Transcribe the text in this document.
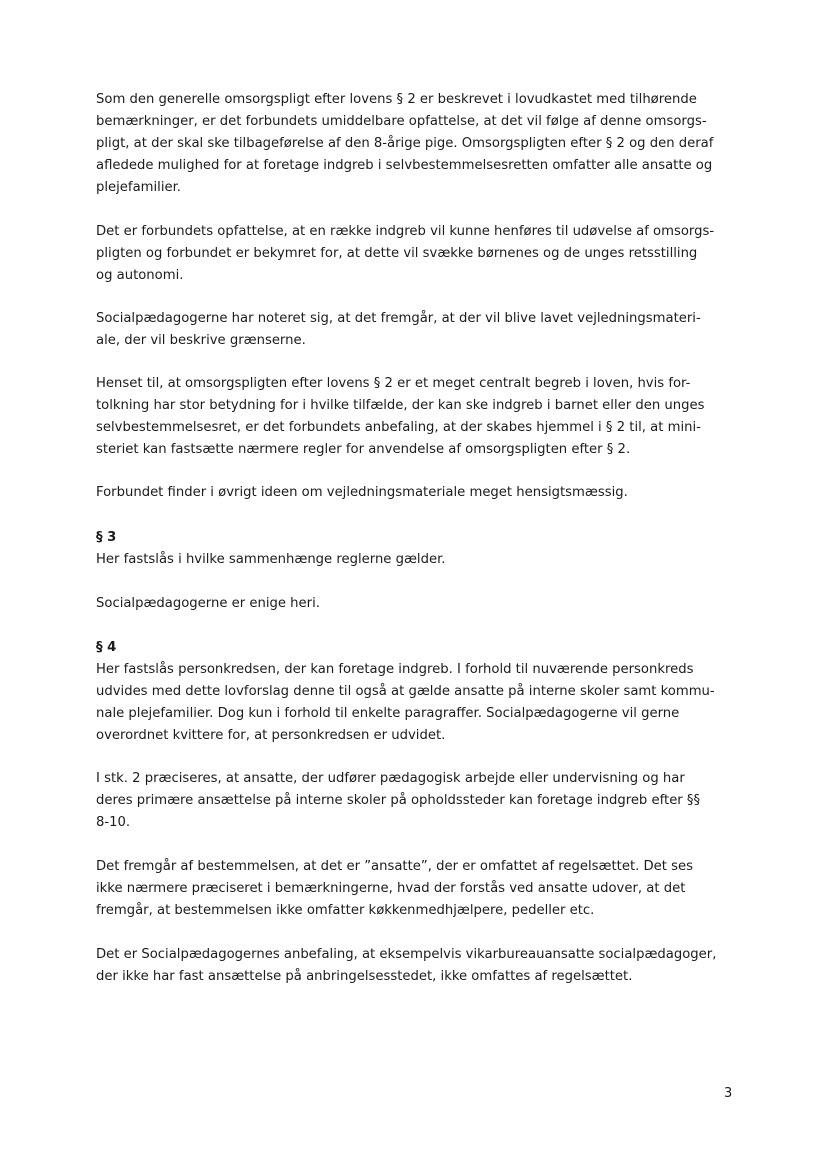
Som den generelle omsorgspligt efter lovens § 2 er beskrevet i lovudkastet med tilhørende
bemærkninger, er det forbundets umiddelbare opfattelse, at det vil følge af denne omsorgs-
pligt, at der skal ske tilbageførelse af den 8-årige pige. Omsorgspligten efter § 2 og den deraf
afledede mulighed for at foretage indgreb i selvbestemmelsesretten omfatter alle ansatte og
plejefamilier.

Det er forbundets opfattelse, at en række indgreb vil kunne henføres til udøvelse af omsorgs-
pligten og forbundet er bekymret for, at dette vil svække børnenes og de unges retsstilling
og autonomi.

Socialpædagogerne har noteret sig, at det fremgår, at der vil blive lavet vejledningsmateri-
ale, der vil beskrive grænserne.

Henset til, at omsorgspligten efter lovens § 2 er et meget centralt begreb i loven, hvis for-
tolkning har stor betydning for i hvilke tilfælde, der kan ske indgreb i barnet eller den unges
selvbestemmelsesret, er det forbundets anbefaling, at der skabes hjemmel i § 2 til, at mini-
steriet kan fastsætte nærmere regler for anvendelse af omsorgspligten efter § 2.

Forbundet finder i øvrigt ideen om vejledningsmateriale meget hensigtsmæssig.

§ 3
Her fastslås i hvilke sammenhænge reglerne gælder.

Socialpædagogerne er enige heri.

§ 4
Her fastslås personkredsen, der kan foretage indgreb. I forhold til nuværende personkreds
udvides med dette lovforslag denne til også at gælde ansatte på interne skoler samt kommu-
nale plejefamilier. Dog kun i forhold til enkelte paragraffer. Socialpædagogerne vil gerne
overordnet kvittere for, at personkredsen er udvidet.

I stk. 2 præciseres, at ansatte, der udfører pædagogisk arbejde eller undervisning og har
deres primære ansættelse på interne skoler på opholdssteder kan foretage indgreb efter §§
8-10.

Det fremgår af bestemmelsen, at det er ”ansatte”, der er omfattet af regelsættet. Det ses
ikke nærmere præciseret i bemærkningerne, hvad der forstås ved ansatte udover, at det
fremgår, at bestemmelsen ikke omfatter køkkenmedhjælpere, pedeller etc.

Det er Socialpædagogernes anbefaling, at eksempelvis vikarbureauansatte socialpædagoger,
der ikke har fast ansættelse på anbringelsesstedet, ikke omfattes af regelsættet.

3
